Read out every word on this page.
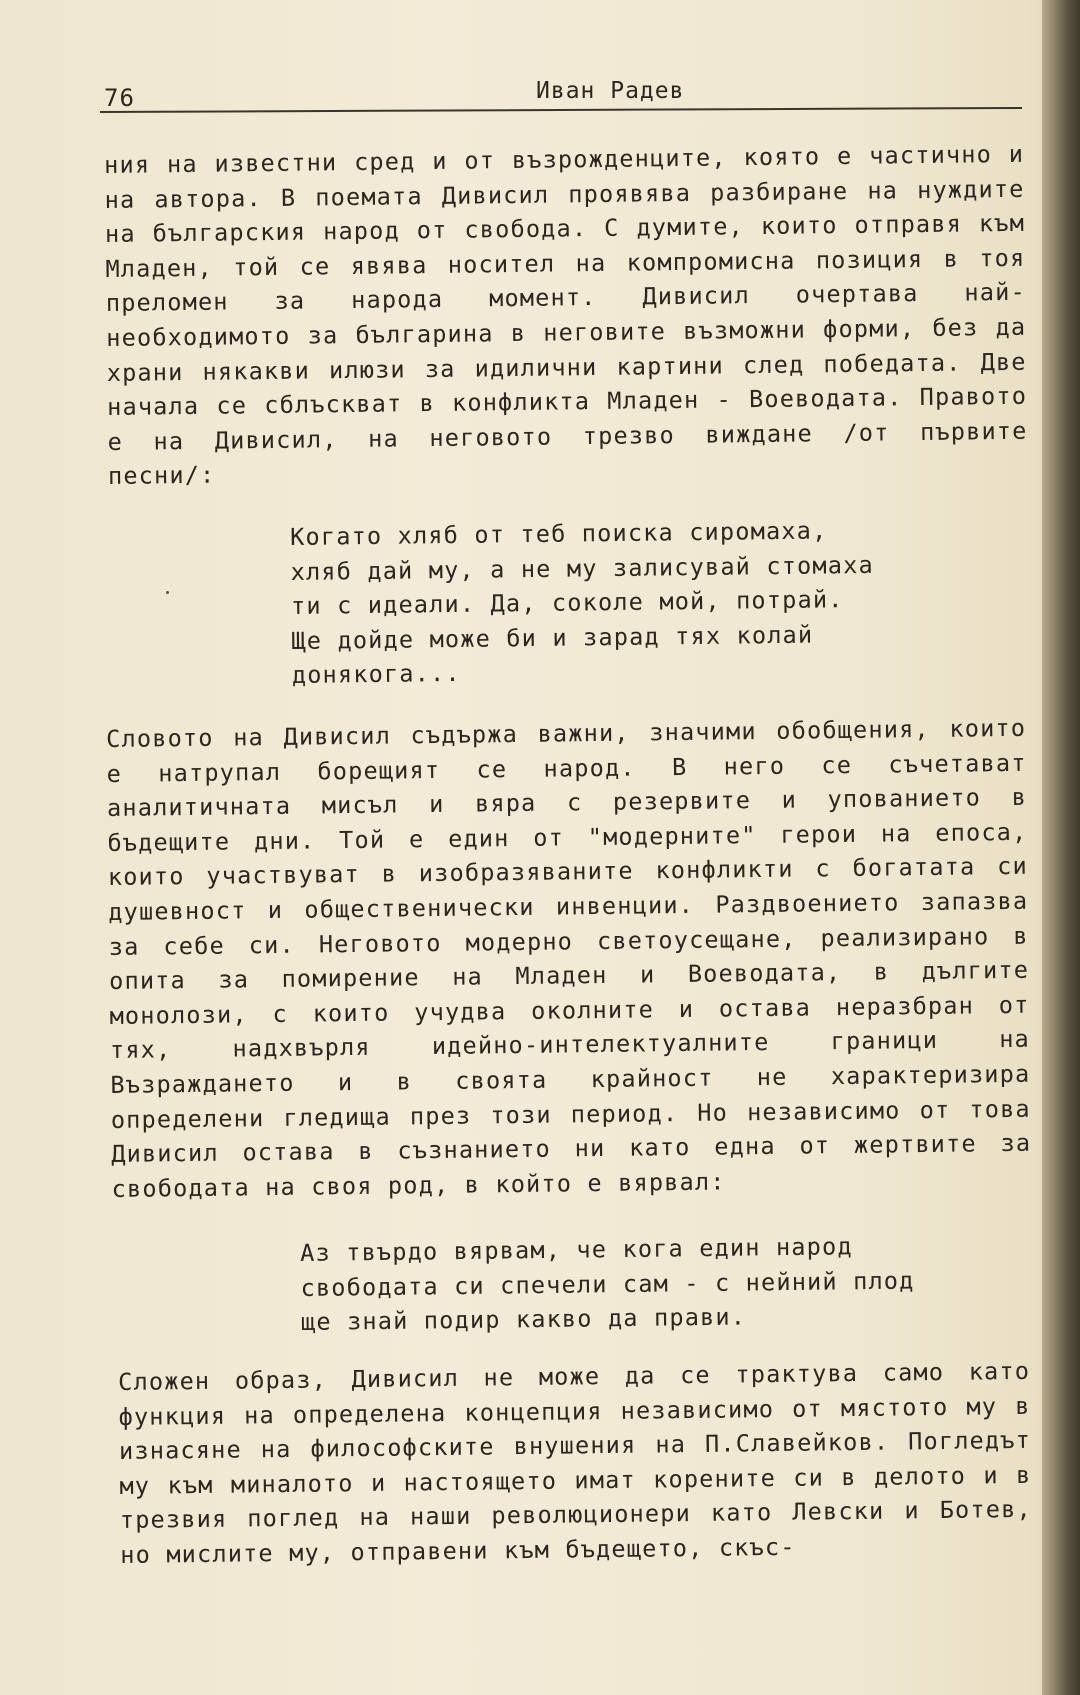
76	Иван Радев

ния на известни сред и от възрожденците, която е частично и на автора. В поемата Дивисил проявява разбиране на нуждите на българския народ от свобода. С думите, които отправя към Младен, той се явява носител на компромисна позиция в тоя преломен за народа момент. Дивисил очертава най-необходимото за българина в неговите възможни форми, без да храни някакви илюзи за идилични картини след победата. Две начала се сблъскват в конфликта Младен - Воеводата. Правото е на Дивисил, на неговото трезво виждане /от първите песни/:

Когато хляб от теб поиска сиромаха,
хляб дай му, а не му залисувай стомаха
ти с идеали. Да, соколе мой, потрай.
Ще дойде може би и зарад тях колай
донякога...

Словото на Дивисил съдържа важни, значими обобщения, които е натрупал борещият се народ. В него се съчетават аналитичната мисъл и вяра с резервите и упованието в бъдещите дни. Той е един от "модерните" герои на епоса, които участвуват в изобразяваните конфликти с богатата си душевност и общественически инвенции. Раздвоението запазва за себе си. Неговото модерно светоусещане, реализирано в опита за помирение на Младен и Воеводата, в дългите монолози, с които учудва околните и остава неразбран от тях, надхвърля идейно-интелектуалните граници на Възраждането и в своята крайност не характеризира определени гледища през този период. Но независимо от това Дивисил остава в съзнанието ни като една от жертвите за свободата на своя род, в който е вярвал:

Аз твърдо вярвам, че кога един народ
свободата си спечели сам - с нейний плод
ще знай подир какво да прави.

Сложен образ, Дивисил не може да се трактува само като функция на определена концепция независимо от мястото му в изнасяне на философските внушения на П.Славейков. Погледът му към миналото и настоящето имат корените си в делото и в трезвия поглед на наши революционери като Левски и Ботев, но мислите му, отправени към бъдещето, скъс-
